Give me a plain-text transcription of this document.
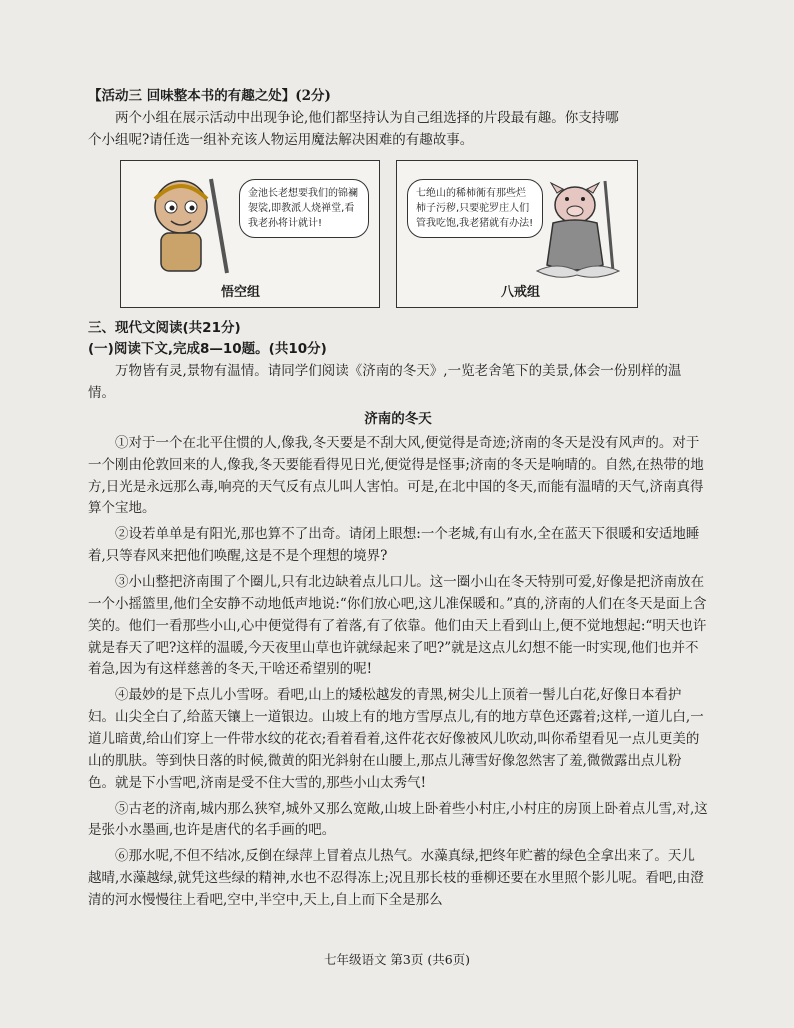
【活动三 回味整本书的有趣之处】(2分)

两个小组在展示活动中出现争论,他们都坚持认为自己组选择的片段最有趣。你支持哪

个小组呢?请任选一组补充该人物运用魔法解决困难的有趣故事。

金池长老想要我们的锦襕袈裟,即教派人烧禅堂,看我老孙将计就计!
悟空组
七绝山的稀柿衕有那些烂柿子污秽,只要驼罗庄人们管我吃饱,我老猪就有办法!
八戒组

三、现代文阅读(共21分)

(一)阅读下文,完成8—10题。(共10分)

万物皆有灵,景物有温情。请同学们阅读《济南的冬天》,一览老舍笔下的美景,体会一份别样的温情。

济南的冬天

①对于一个在北平住惯的人,像我,冬天要是不刮大风,便觉得是奇迹;济南的冬天是没有风声的。对于一个刚由伦敦回来的人,像我,冬天要能看得见日光,便觉得是怪事;济南的冬天是响晴的。自然,在热带的地方,日光是永远那么毒,响亮的天气反有点儿叫人害怕。可是,在北中国的冬天,而能有温晴的天气,济南真得算个宝地。

②设若单单是有阳光,那也算不了出奇。请闭上眼想:一个老城,有山有水,全在蓝天下很暖和安适地睡着,只等春风来把他们唤醒,这是不是个理想的境界?

③小山整把济南围了个圈儿,只有北边缺着点儿口儿。这一圈小山在冬天特别可爱,好像是把济南放在一个小摇篮里,他们全安静不动地低声地说:“你们放心吧,这儿准保暖和。”真的,济南的人们在冬天是面上含笑的。他们一看那些小山,心中便觉得有了着落,有了依靠。他们由天上看到山上,便不觉地想起:“明天也许就是春天了吧?这样的温暖,今天夜里山草也许就绿起来了吧?”就是这点儿幻想不能一时实现,他们也并不着急,因为有这样慈善的冬天,干啥还希望别的呢!

④最妙的是下点儿小雪呀。看吧,山上的矮松越发的青黑,树尖儿上顶着一髻儿白花,好像日本看护妇。山尖全白了,给蓝天镶上一道银边。山坡上有的地方雪厚点儿,有的地方草色还露着;这样,一道儿白,一道儿暗黄,给山们穿上一件带水纹的花衣;看着看着,这件花衣好像被风儿吹动,叫你希望看见一点儿更美的山的肌肤。等到快日落的时候,微黄的阳光斜射在山腰上,那点儿薄雪好像忽然害了羞,微微露出点儿粉色。就是下小雪吧,济南是受不住大雪的,那些小山太秀气!

⑤古老的济南,城内那么狭窄,城外又那么宽敞,山坡上卧着些小村庄,小村庄的房顶上卧着点儿雪,对,这是张小水墨画,也许是唐代的名手画的吧。

⑥那水呢,不但不结冰,反倒在绿萍上冒着点儿热气。水藻真绿,把终年贮蓄的绿色全拿出来了。天儿越晴,水藻越绿,就凭这些绿的精神,水也不忍得冻上;况且那长枝的垂柳还要在水里照个影儿呢。看吧,由澄清的河水慢慢往上看吧,空中,半空中,天上,自上而下全是那么

七年级语文 第3页 (共6页)
